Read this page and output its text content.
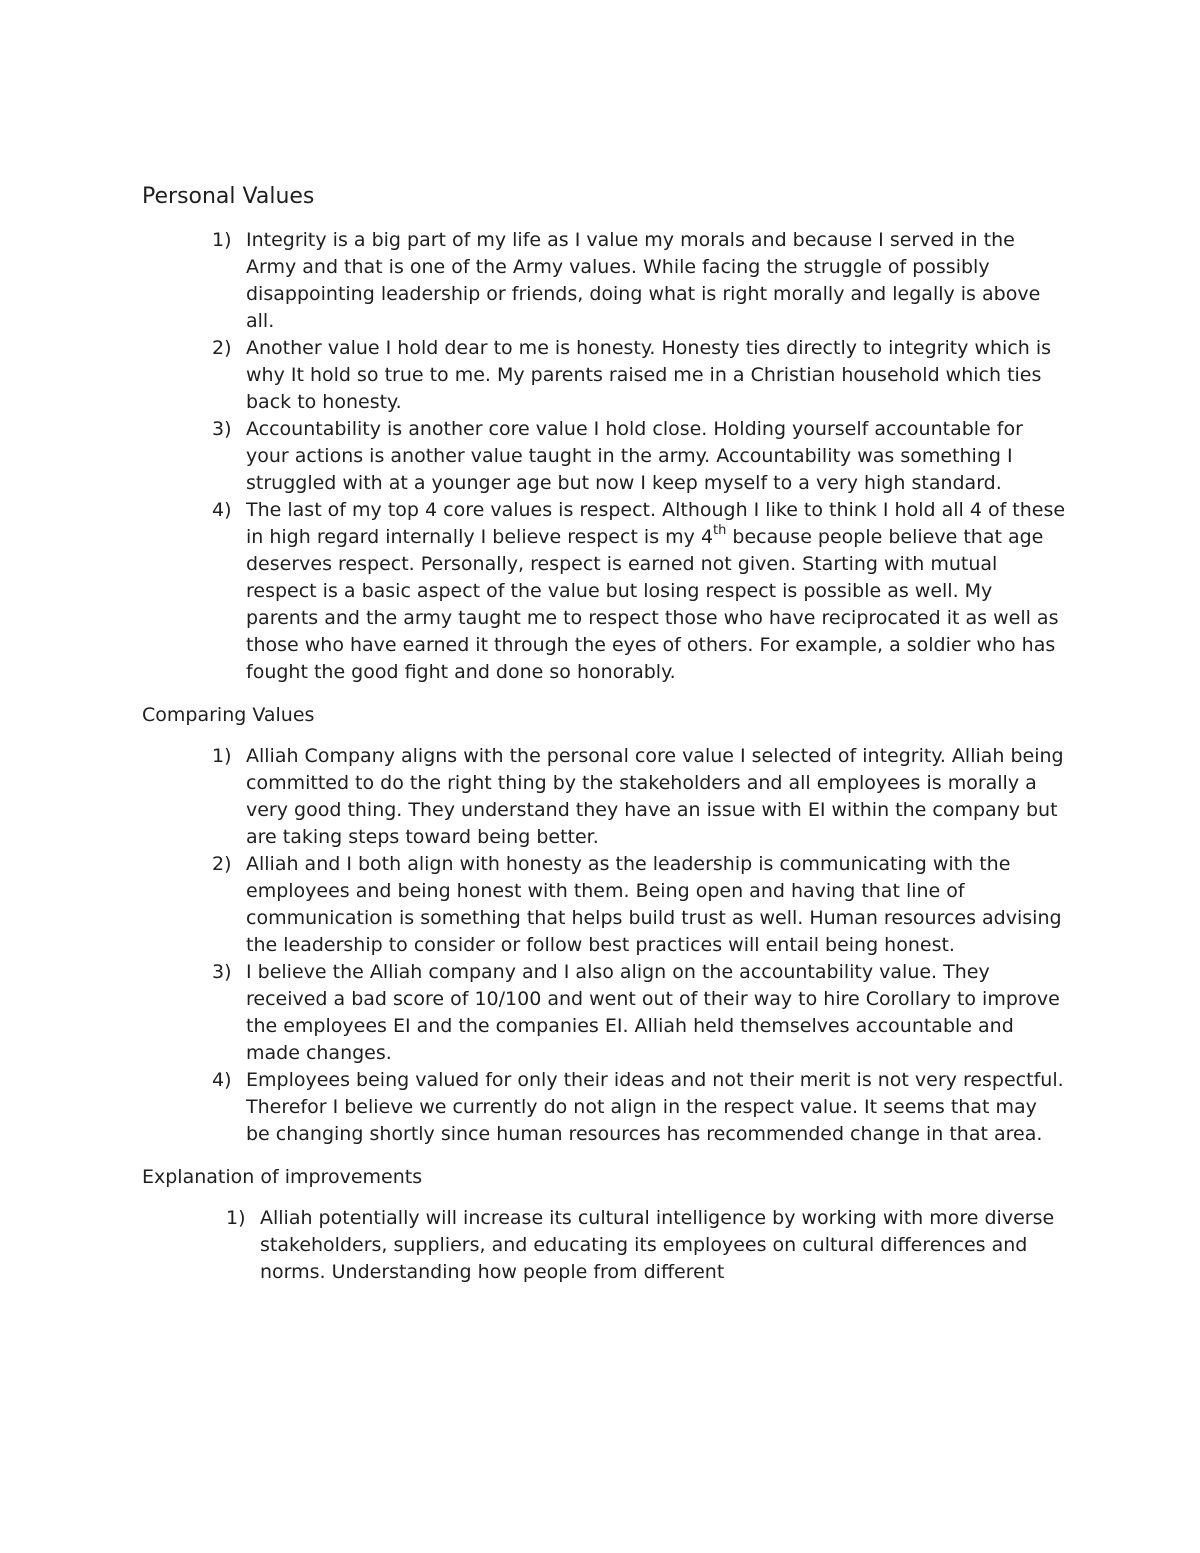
Personal Values
1) Integrity is a big part of my life as I value my morals and because I served in the Army and that is one of the Army values. While facing the struggle of possibly disappointing leadership or friends, doing what is right morally and legally is above all.
2) Another value I hold dear to me is honesty. Honesty ties directly to integrity which is why It hold so true to me. My parents raised me in a Christian household which ties back to honesty.
3) Accountability is another core value I hold close. Holding yourself accountable for your actions is another value taught in the army. Accountability was something I struggled with at a younger age but now I keep myself to a very high standard.
4) The last of my top 4 core values is respect. Although I like to think I hold all 4 of these in high regard internally I believe respect is my 4th because people believe that age deserves respect. Personally, respect is earned not given. Starting with mutual respect is a basic aspect of the value but losing respect is possible as well. My parents and the army taught me to respect those who have reciprocated it as well as those who have earned it through the eyes of others. For example, a soldier who has fought the good fight and done so honorably.
Comparing Values
1) Alliah Company aligns with the personal core value I selected of integrity. Alliah being committed to do the right thing by the stakeholders and all employees is morally a very good thing. They understand they have an issue with EI within the company but are taking steps toward being better.
2) Alliah and I both align with honesty as the leadership is communicating with the employees and being honest with them. Being open and having that line of communication is something that helps build trust as well. Human resources advising the leadership to consider or follow best practices will entail being honest.
3) I believe the Alliah company and I also align on the accountability value. They received a bad score of 10/100 and went out of their way to hire Corollary to improve the employees EI and the companies EI. Alliah held themselves accountable and made changes.
4) Employees being valued for only their ideas and not their merit is not very respectful. Therefor I believe we currently do not align in the respect value. It seems that may be changing shortly since human resources has recommended change in that area.
Explanation of improvements
1) Alliah potentially will increase its cultural intelligence by working with more diverse stakeholders, suppliers, and educating its employees on cultural differences and norms. Understanding how people from different
